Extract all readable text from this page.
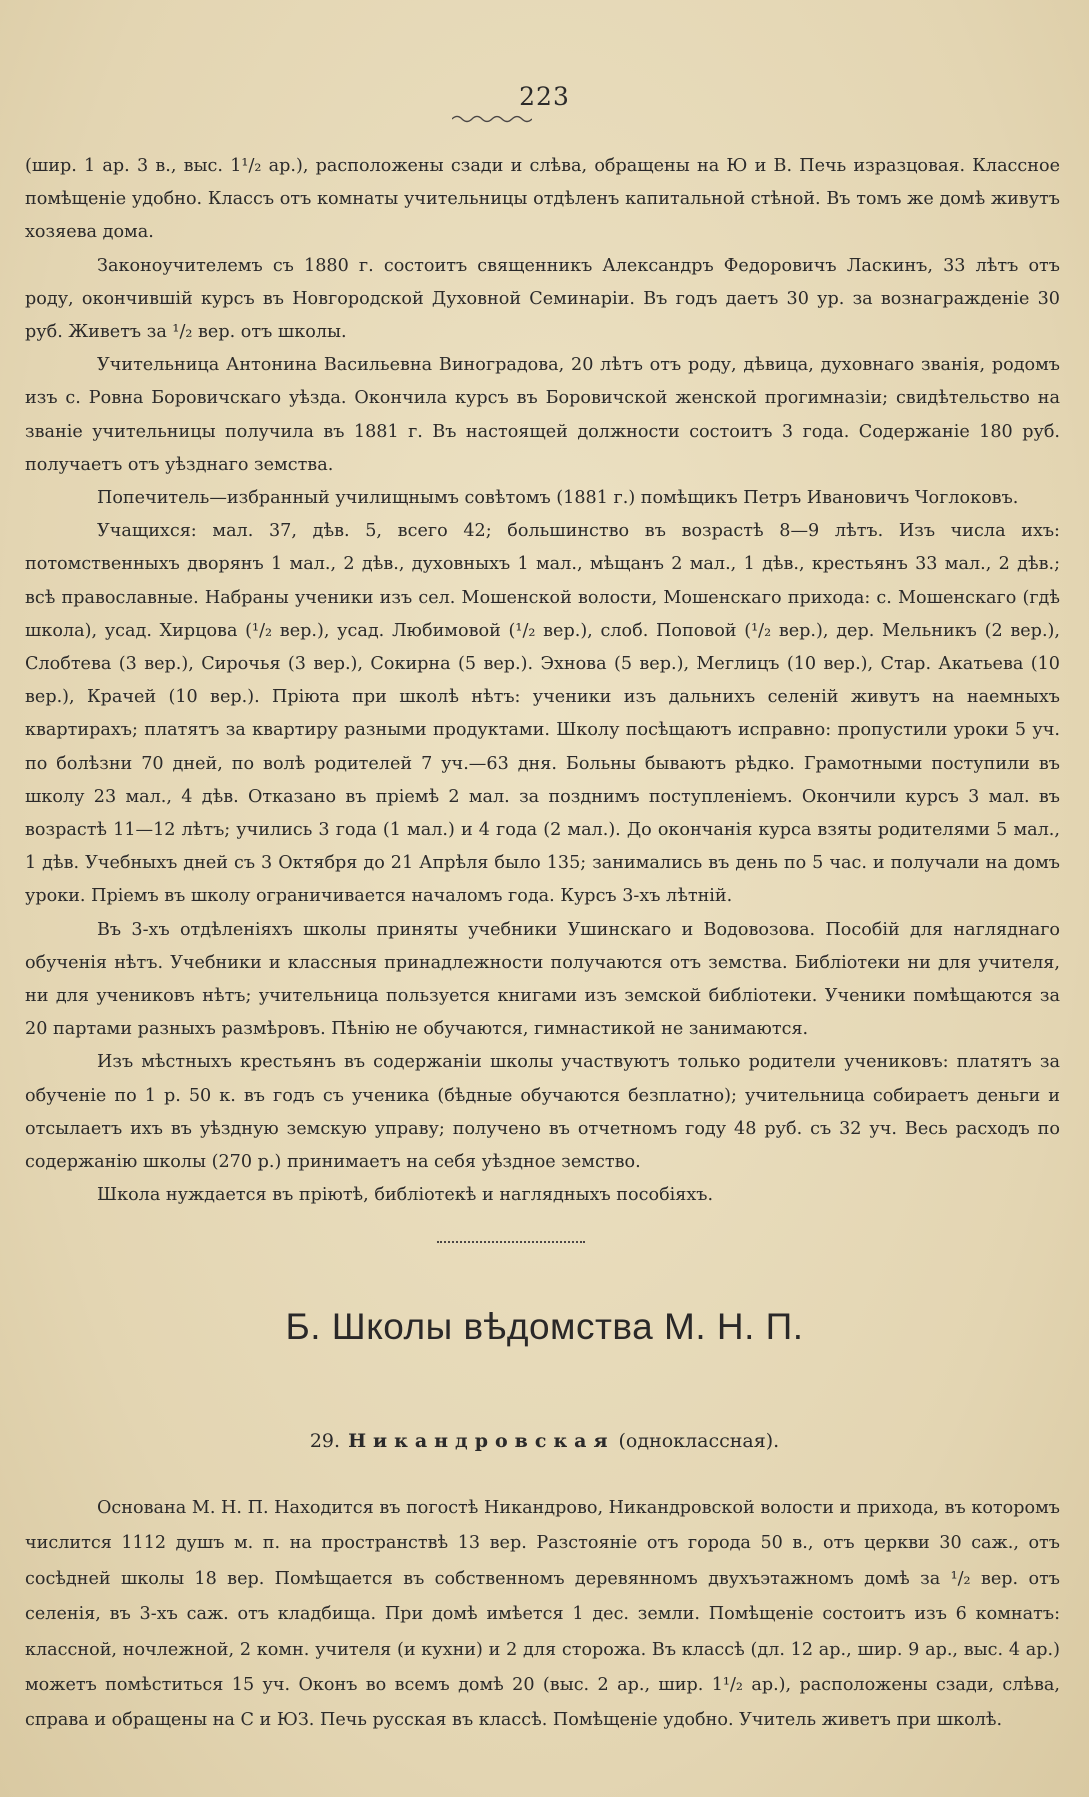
223

(шир. 1 ар. 3 в., выс. 1¹/₂ ар.), расположены сзади и слѣва, обращены на Ю и В. Печь изразцовая. Классное помѣщеніе удобно. Классъ отъ комнаты учительницы отдѣленъ капитальной стѣной. Въ томъ же домѣ живутъ хозяева дома.

Законоучителемъ съ 1880 г. состоитъ священникъ Александръ Федоровичъ Ласкинъ, 33 лѣтъ отъ роду, окончившій курсъ въ Новгородской Духовной Семинаріи. Въ годъ даетъ 30 ур. за вознагражденіе 30 руб. Живетъ за ¹/₂ вер. отъ школы.

Учительница Антонина Васильевна Виноградова, 20 лѣтъ отъ роду, дѣвица, духовнаго званія, родомъ изъ с. Ровна Боровичскаго уѣзда. Окончила курсъ въ Боровичской женской прогимназіи; свидѣтельство на званіе учительницы получила въ 1881 г. Въ настоящей должности состоитъ 3 года. Содержаніе 180 руб. получаетъ отъ уѣзднаго земства.

Попечитель—избранный училищнымъ совѣтомъ (1881 г.) помѣщикъ Петръ Ивановичъ Чоглоковъ.

Учащихся: мал. 37, дѣв. 5, всего 42; большинство въ возрастѣ 8—9 лѣтъ. Изъ числа ихъ: потомственныхъ дворянъ 1 мал., 2 дѣв., духовныхъ 1 мал., мѣщанъ 2 мал., 1 дѣв., крестьянъ 33 мал., 2 дѣв.; всѣ православные. Набраны ученики изъ сел. Мошенской волости, Мошенскаго прихода: с. Мошенскаго (гдѣ школа), усад. Хирцова (¹/₂ вер.), усад. Любимовой (¹/₂ вер.), слоб. Поповой (¹/₂ вер.), дер. Мельникъ (2 вер.), Слобтева (3 вер.), Сирочья (3 вер.), Сокирна (5 вер.). Эхнова (5 вер.), Меглицъ (10 вер.), Стар. Акатьева (10 вер.), Крачей (10 вер.). Пріюта при школѣ нѣтъ: ученики изъ дальнихъ селеній живутъ на наемныхъ квартирахъ; платятъ за квартиру разными продуктами. Школу посѣщаютъ исправно: пропустили уроки 5 уч. по болѣзни 70 дней, по волѣ родителей 7 уч.—63 дня. Больны бываютъ рѣдко. Грамотными поступили въ школу 23 мал., 4 дѣв. Отказано въ пріемѣ 2 мал. за позднимъ поступленіемъ. Окончили курсъ 3 мал. въ возрастѣ 11—12 лѣтъ; учились 3 года (1 мал.) и 4 года (2 мал.). До окончанія курса взяты родителями 5 мал., 1 дѣв. Учебныхъ дней съ 3 Октября до 21 Апрѣля было 135; занимались въ день по 5 час. и получали на домъ уроки. Пріемъ въ школу ограничивается началомъ года. Курсъ 3-хъ лѣтній.

Въ 3-хъ отдѣленіяхъ школы приняты учебники Ушинскаго и Водовозова. Пособій для нагляднаго обученія нѣтъ. Учебники и классныя принадлежности получаются отъ земства. Библіотеки ни для учителя, ни для учениковъ нѣтъ; учительница пользуется книгами изъ земской библіотеки. Ученики помѣщаются за 20 партами разныхъ размѣровъ. Пѣнію не обучаются, гимнастикой не занимаются.

Изъ мѣстныхъ крестьянъ въ содержаніи школы участвуютъ только родители учениковъ: платятъ за обученіе по 1 р. 50 к. въ годъ съ ученика (бѣдные обучаются безплатно); учительница собираетъ деньги и отсылаетъ ихъ въ уѣздную земскую управу; получено въ отчетномъ году 48 руб. съ 32 уч. Весь расходъ по содержанію школы (270 р.) принимаетъ на себя уѣздное земство.

Школа нуждается въ пріютѣ, библіотекѣ и наглядныхъ пособіяхъ.

Б. Школы вѣдомства М. Н. П.
29. Никандровская (одноклассная).

Основана М. Н. П. Находится въ погостѣ Никандрово, Никандровской волости и прихода, въ которомъ числится 1112 душъ м. п. на пространствѣ 13 вер. Разстояніе отъ города 50 в., отъ церкви 30 саж., отъ сосѣдней школы 18 вер. Помѣщается въ собственномъ деревянномъ двухъэтажномъ домѣ за ¹/₂ вер. отъ селенія, въ 3-хъ саж. отъ кладбища. При домѣ имѣется 1 дес. земли. Помѣщеніе состоитъ изъ 6 комнатъ: классной, ночлежной, 2 комн. учителя (и кухни) и 2 для сторожа. Въ классѣ (дл. 12 ар., шир. 9 ар., выс. 4 ар.) можетъ помѣститься 15 уч. Оконъ во всемъ домѣ 20 (выс. 2 ар., шир. 1¹/₂ ар.), расположены сзади, слѣва, справа и обращены на С и ЮЗ. Печь русская въ классѣ. Помѣщеніе удобно. Учитель живетъ при школѣ.
